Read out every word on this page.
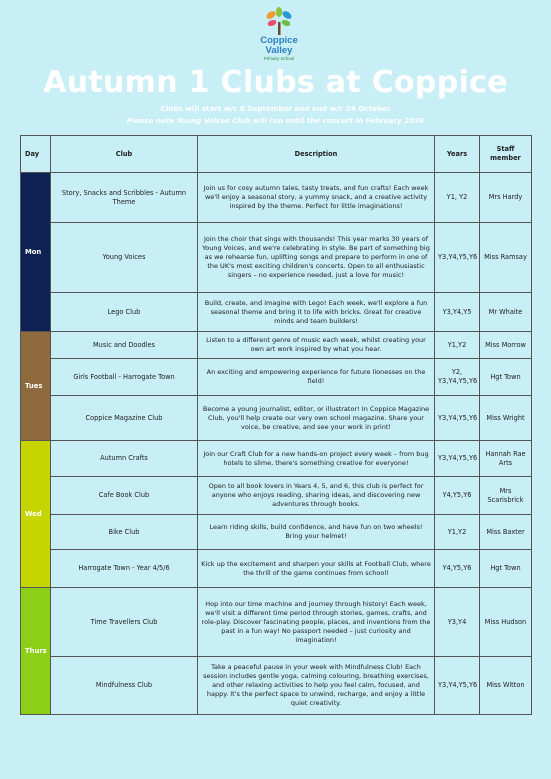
Coppice
Valley
Primary School
Autumn 1 Clubs at Coppice
Clubs will start w/c 8 September and end w/c 24 October
Please note Young Voices Club will run until the concert in February 2026
Day	Club	Description	Years	Staff member
Mon	Story, Snacks and Scribbles - Autumn Theme	Join us for cosy autumn tales, tasty treats, and fun crafts! Each week we'll enjoy a seasonal story, a yummy snack, and a creative activity inspired by the theme. Perfect for little imaginations!	Y1, Y2	Mrs Hardy
	Young Voices	Join the choir that sings with thousands! This year marks 30 years of Young Voices, and we're celebrating in style. Be part of something big as we rehearse fun, uplifting songs and prepare to perform in one of the UK's most exciting children's concerts. Open to all enthusiastic singers – no experience needed, just a love for music!	Y3,Y4,Y5,Y6	Miss Ramsay
	Lego Club	Build, create, and imagine with Lego! Each week, we'll explore a fun seasonal theme and bring it to life with bricks. Great for creative minds and team builders!	Y3,Y4,Y5	Mr Whaite
Tues	Music and Doodles	Listen to a different genre of music each week, whilst creating your own art work inspired by what you hear.	Y1,Y2	Miss Morrow
	Girls Football - Harrogate Town	An exciting and empowering experience for future lionesses on the field!	Y2, Y3,Y4,Y5,Y6	Hgt Town
	Coppice Magazine Club	Become a young journalist, editor, or illustrator! In Coppice Magazine Club, you'll help create our very own school magazine. Share your voice, be creative, and see your work in print!	Y3,Y4,Y5,Y6	Miss Wright
Wed	Autumn Crafts	Join our Craft Club for a new hands-on project every week – from bug hotels to slime, there's something creative for everyone!	Y3,Y4,Y5,Y6	Hannah Rae Arts
	Cafe Book Club	Open to all book lovers in Years 4, 5, and 6, this club is perfect for anyone who enjoys reading, sharing ideas, and discovering new adventures through books.	Y4,Y5,Y6	Mrs Scarisbrick
	Bike Club	Learn riding skills, build confidence, and have fun on two wheels! Bring your helmet!	Y1,Y2	Miss Baxter
	Harrogate Town - Year 4/5/6	Kick up the excitement and sharpen your skills at Football Club, where the thrill of the game continues from school!	Y4,Y5,Y6	Hgt Town
Thurs	Time Travellers Club	Hop into our time machine and journey through history! Each week, we'll visit a different time period through stories, games, crafts, and role-play. Discover fascinating people, places, and inventions from the past in a fun way! No passport needed – just curiosity and imagination!	Y3,Y4	Miss Hudson
	Mindfulness Club	Take a peaceful pause in your week with Mindfulness Club! Each session includes gentle yoga, calming colouring, breathing exercises, and other relaxing activities to help you feel calm, focused, and happy. It's the perfect space to unwind, recharge, and enjoy a little quiet creativity.	Y3,Y4,Y5,Y6	Miss Witton
